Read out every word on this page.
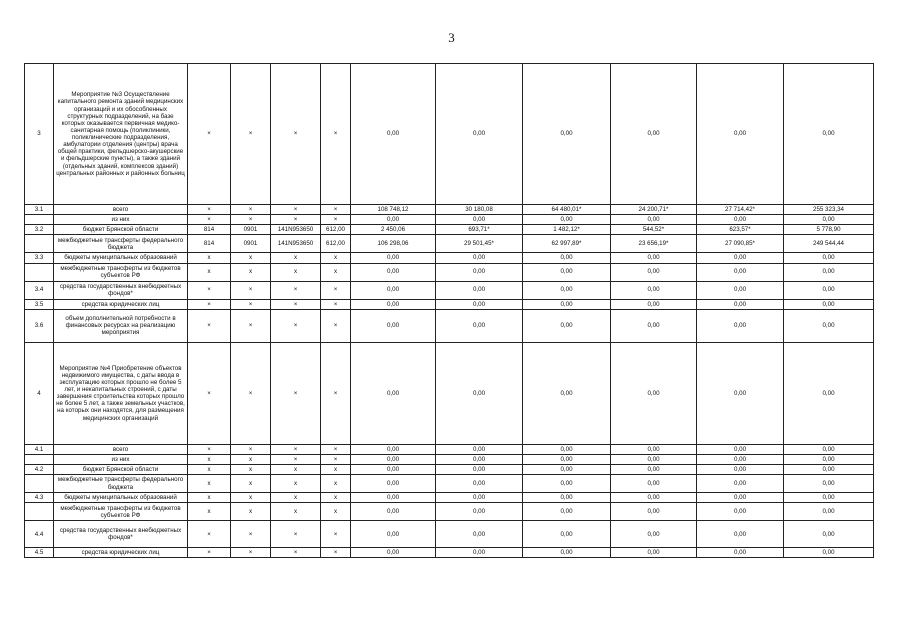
3
3	Мероприятие №3 Осуществление капитального ремонта зданий медицинских организаций и их обособленных структурных подразделений, на базе которых оказывается первичная медико-санитарная помощь (поликлиники, поликлинические подразделения, амбулатории отделения (центры) врача общей практики, фельдшерско-акушерские и фельдшерские пункты), а также зданий (отдельных зданий, комплексов зданий) центральных районных и районных больниц	×	×	×	×	0,00	0,00	0,00	0,00	0,00	0,00
3.1	всего	×	×	×	×	108 748,12	30 180,08	64 480,01*	24 200,71*	27 714,42*	255 323,34
	из них	×	×	×	×	0,00	0,00	0,00	0,00	0,00	0,00
3.2	бюджет Брянской области	814	0901	141N953650	612,00	2 450,06	693,71*	1 482,12*	544,52*	623,57*	5 778,90
	межбюджетные трансферты федерального бюджета	814	0901	141N953650	612,00	106 298,06	29 501,45*	62 997,89*	23 656,19*	27 090,85*	249 544,44
3.3	бюджеты муниципальных образований	x	x	x	x	0,00	0,00	0,00	0,00	0,00	0,00
	межбюджетные трансферты из бюджетов субъектов РФ	x	x	x	x	0,00	0,00	0,00	0,00	0,00	0,00
3.4	средства государственных внебюджетных фондов*	×	×	×	×	0,00	0,00	0,00	0,00	0,00	0,00
3.5	средства юридических лиц	×	×	×	×	0,00	0,00	0,00	0,00	0,00	0,00
3.6	объем дополнительной потребности в финансовых ресурсах на реализацию мероприятия	×	×	×	×	0,00	0,00	0,00	0,00	0,00	0,00
4	Мероприятие №4 Приобретение объектов недвижимого имущества, с даты ввода в эксплуатацию которых прошло не более 5 лет, и некапитальных строений, с даты завершения строительства которых прошло не более 5 лет, а также земельных участков, на которых они находятся, для размещения медицинских организаций	×	×	×	×	0,00	0,00	0,00	0,00	0,00	0,00
4.1	всего	×	×	×	×	0,00	0,00	0,00	0,00	0,00	0,00
	из них	x	x	×	×	0,00	0,00	0,00	0,00	0,00	0,00
4.2	бюджет Брянской области	x	x	x	x	0,00	0,00	0,00	0,00	0,00	0,00
	межбюджетные трансферты федерального бюджета	x	x	x	x	0,00	0,00	0,00	0,00	0,00	0,00
4.3	бюджеты муниципальных образований	x	x	x	x	0,00	0,00	0,00	0,00	0,00	0,00
	межбюджетные трансферты из бюджетов субъектов РФ	x	x	x	x	0,00	0,00	0,00	0,00	0,00	0,00
4.4	средства государственных внебюджетных фондов*	×	×	×	×	0,00	0,00	0,00	0,00	0,00	0,00
4.5	средства юридических лиц	×	×	×	×	0,00	0,00	0,00	0,00	0,00	0,00
